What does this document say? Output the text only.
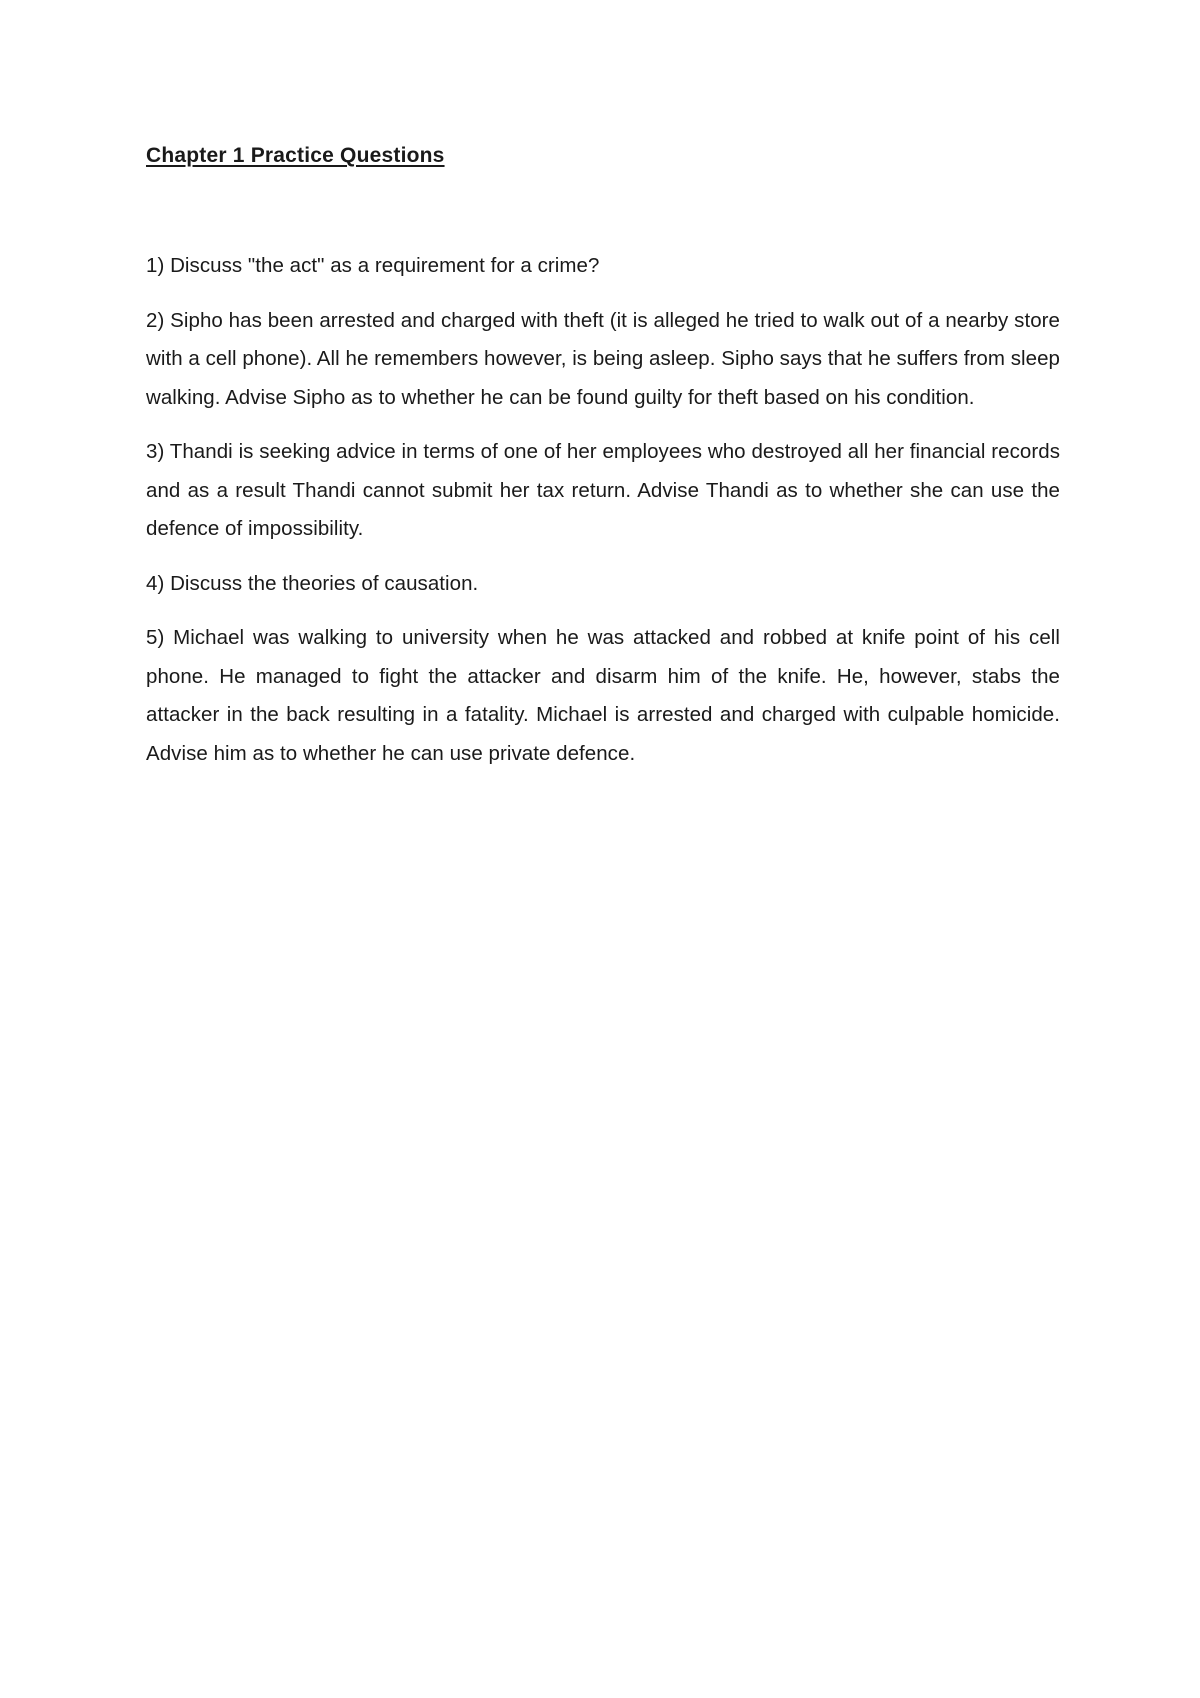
Chapter 1 Practice Questions

1) Discuss "the act" as a requirement for a crime?

2) Sipho has been arrested and charged with theft (it is alleged he tried to walk out of a nearby store with a cell phone). All he remembers however, is being asleep. Sipho says that he suffers from sleep walking. Advise Sipho as to whether he can be found guilty for theft based on his condition.

3) Thandi is seeking advice in terms of one of her employees who destroyed all her financial records and as a result Thandi cannot submit her tax return. Advise Thandi as to whether she can use the defence of impossibility.

4) Discuss the theories of causation.

5) Michael was walking to university when he was attacked and robbed at knife point of his cell phone. He managed to fight the attacker and disarm him of the knife. He, however, stabs the attacker in the back resulting in a fatality. Michael is arrested and charged with culpable homicide. Advise him as to whether he can use private defence.
